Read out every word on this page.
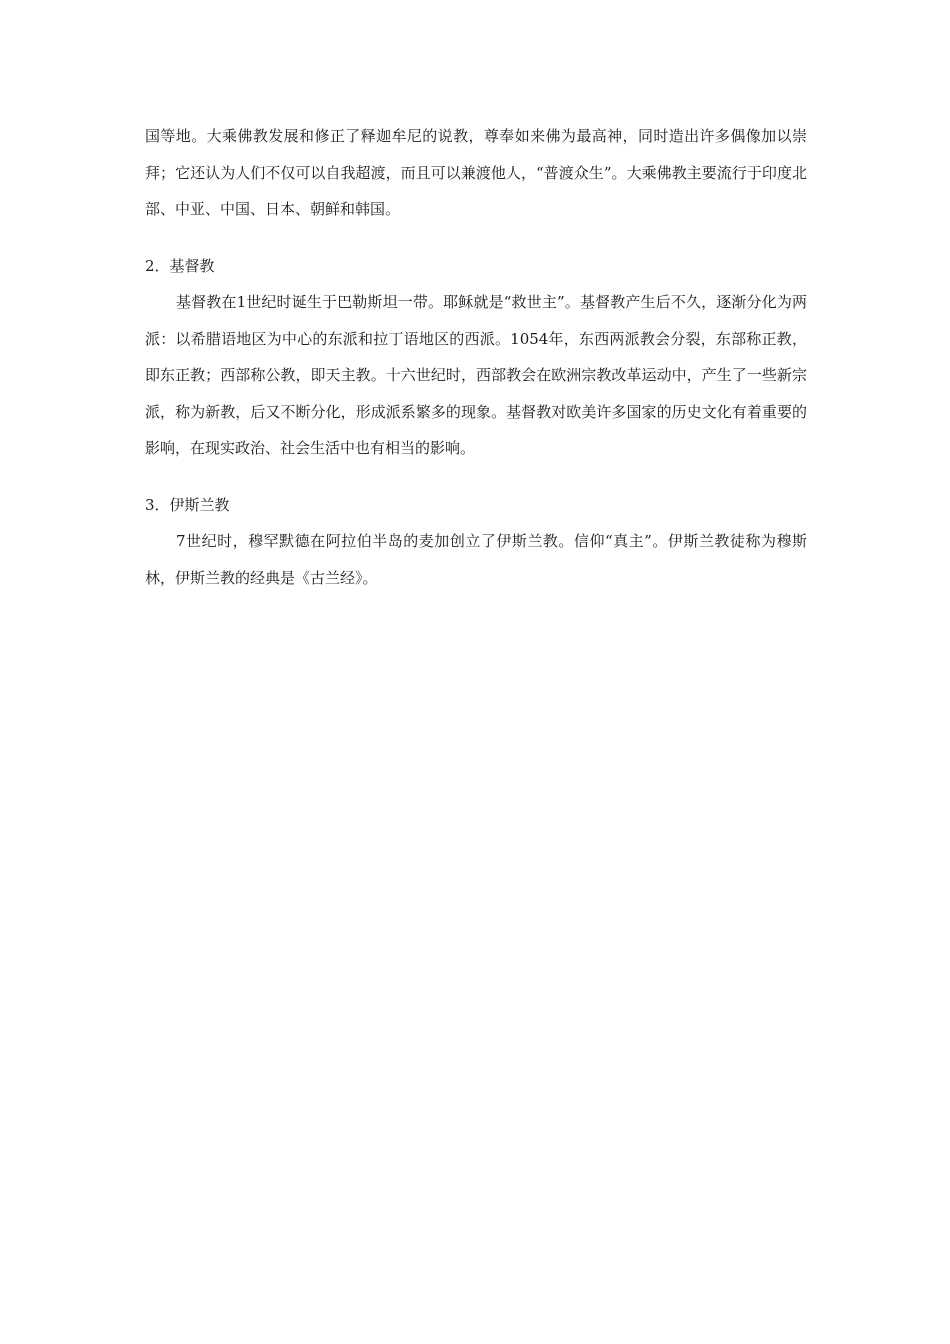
国等地。大乘佛教发展和修正了释迦牟尼的说教，尊奉如来佛为最高神，同时造出许多偶像加以崇拜；它还认为人们不仅可以自我超渡，而且可以兼渡他人，“普渡众生”。大乘佛教主要流行于印度北部、中亚、中国、日本、朝鲜和韩国。

2．基督教

基督教在1世纪时诞生于巴勒斯坦一带。耶稣就是“救世主”。基督教产生后不久，逐渐分化为两派：以希腊语地区为中心的东派和拉丁语地区的西派。1054年，东西两派教会分裂，东部称正教，即东正教；西部称公教，即天主教。十六世纪时，西部教会在欧洲宗教改革运动中，产生了一些新宗派，称为新教，后又不断分化，形成派系繁多的现象。基督教对欧美许多国家的历史文化有着重要的影响，在现实政治、社会生活中也有相当的影响。

3．伊斯兰教

7世纪时，穆罕默德在阿拉伯半岛的麦加创立了伊斯兰教。信仰“真主”。伊斯兰教徒称为穆斯林，伊斯兰教的经典是《古兰经》。
